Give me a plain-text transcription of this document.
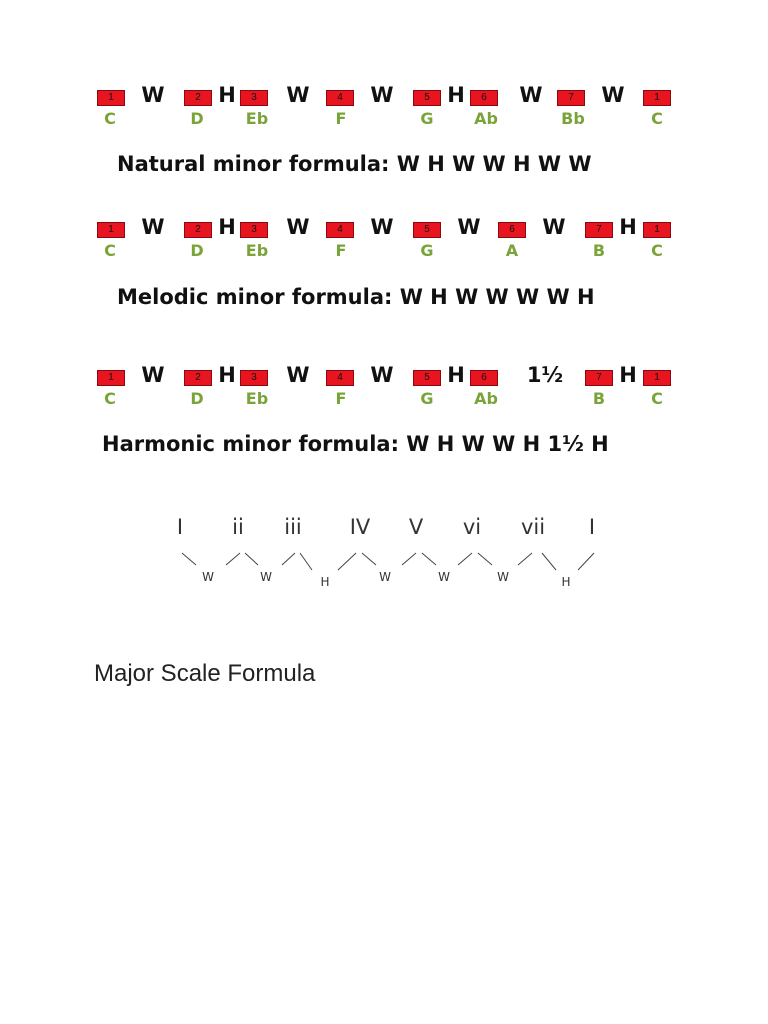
1	W	2 H	3	W	4	W	5 H	6	W	7	W	1
C	D	Eb	F	G	Ab	Bb	C
Natural minor formula: W H W W H W W
1	W	2 H	3	W	4	W	5	W	6	W	7 H	1
C	D	Eb	F	G	A	B	C
Melodic minor formula: W H W W W W H
1	W	2 H	3	W	4	W	5 H	6	1½	7 H	1
C	D	Eb	F	G	Ab	B	C
Harmonic minor formula: W H W W H 1½ H
I	ii	iii	IV	V	vi	vii	I
W	W	H	W	W	W	H
Major Scale Formula
